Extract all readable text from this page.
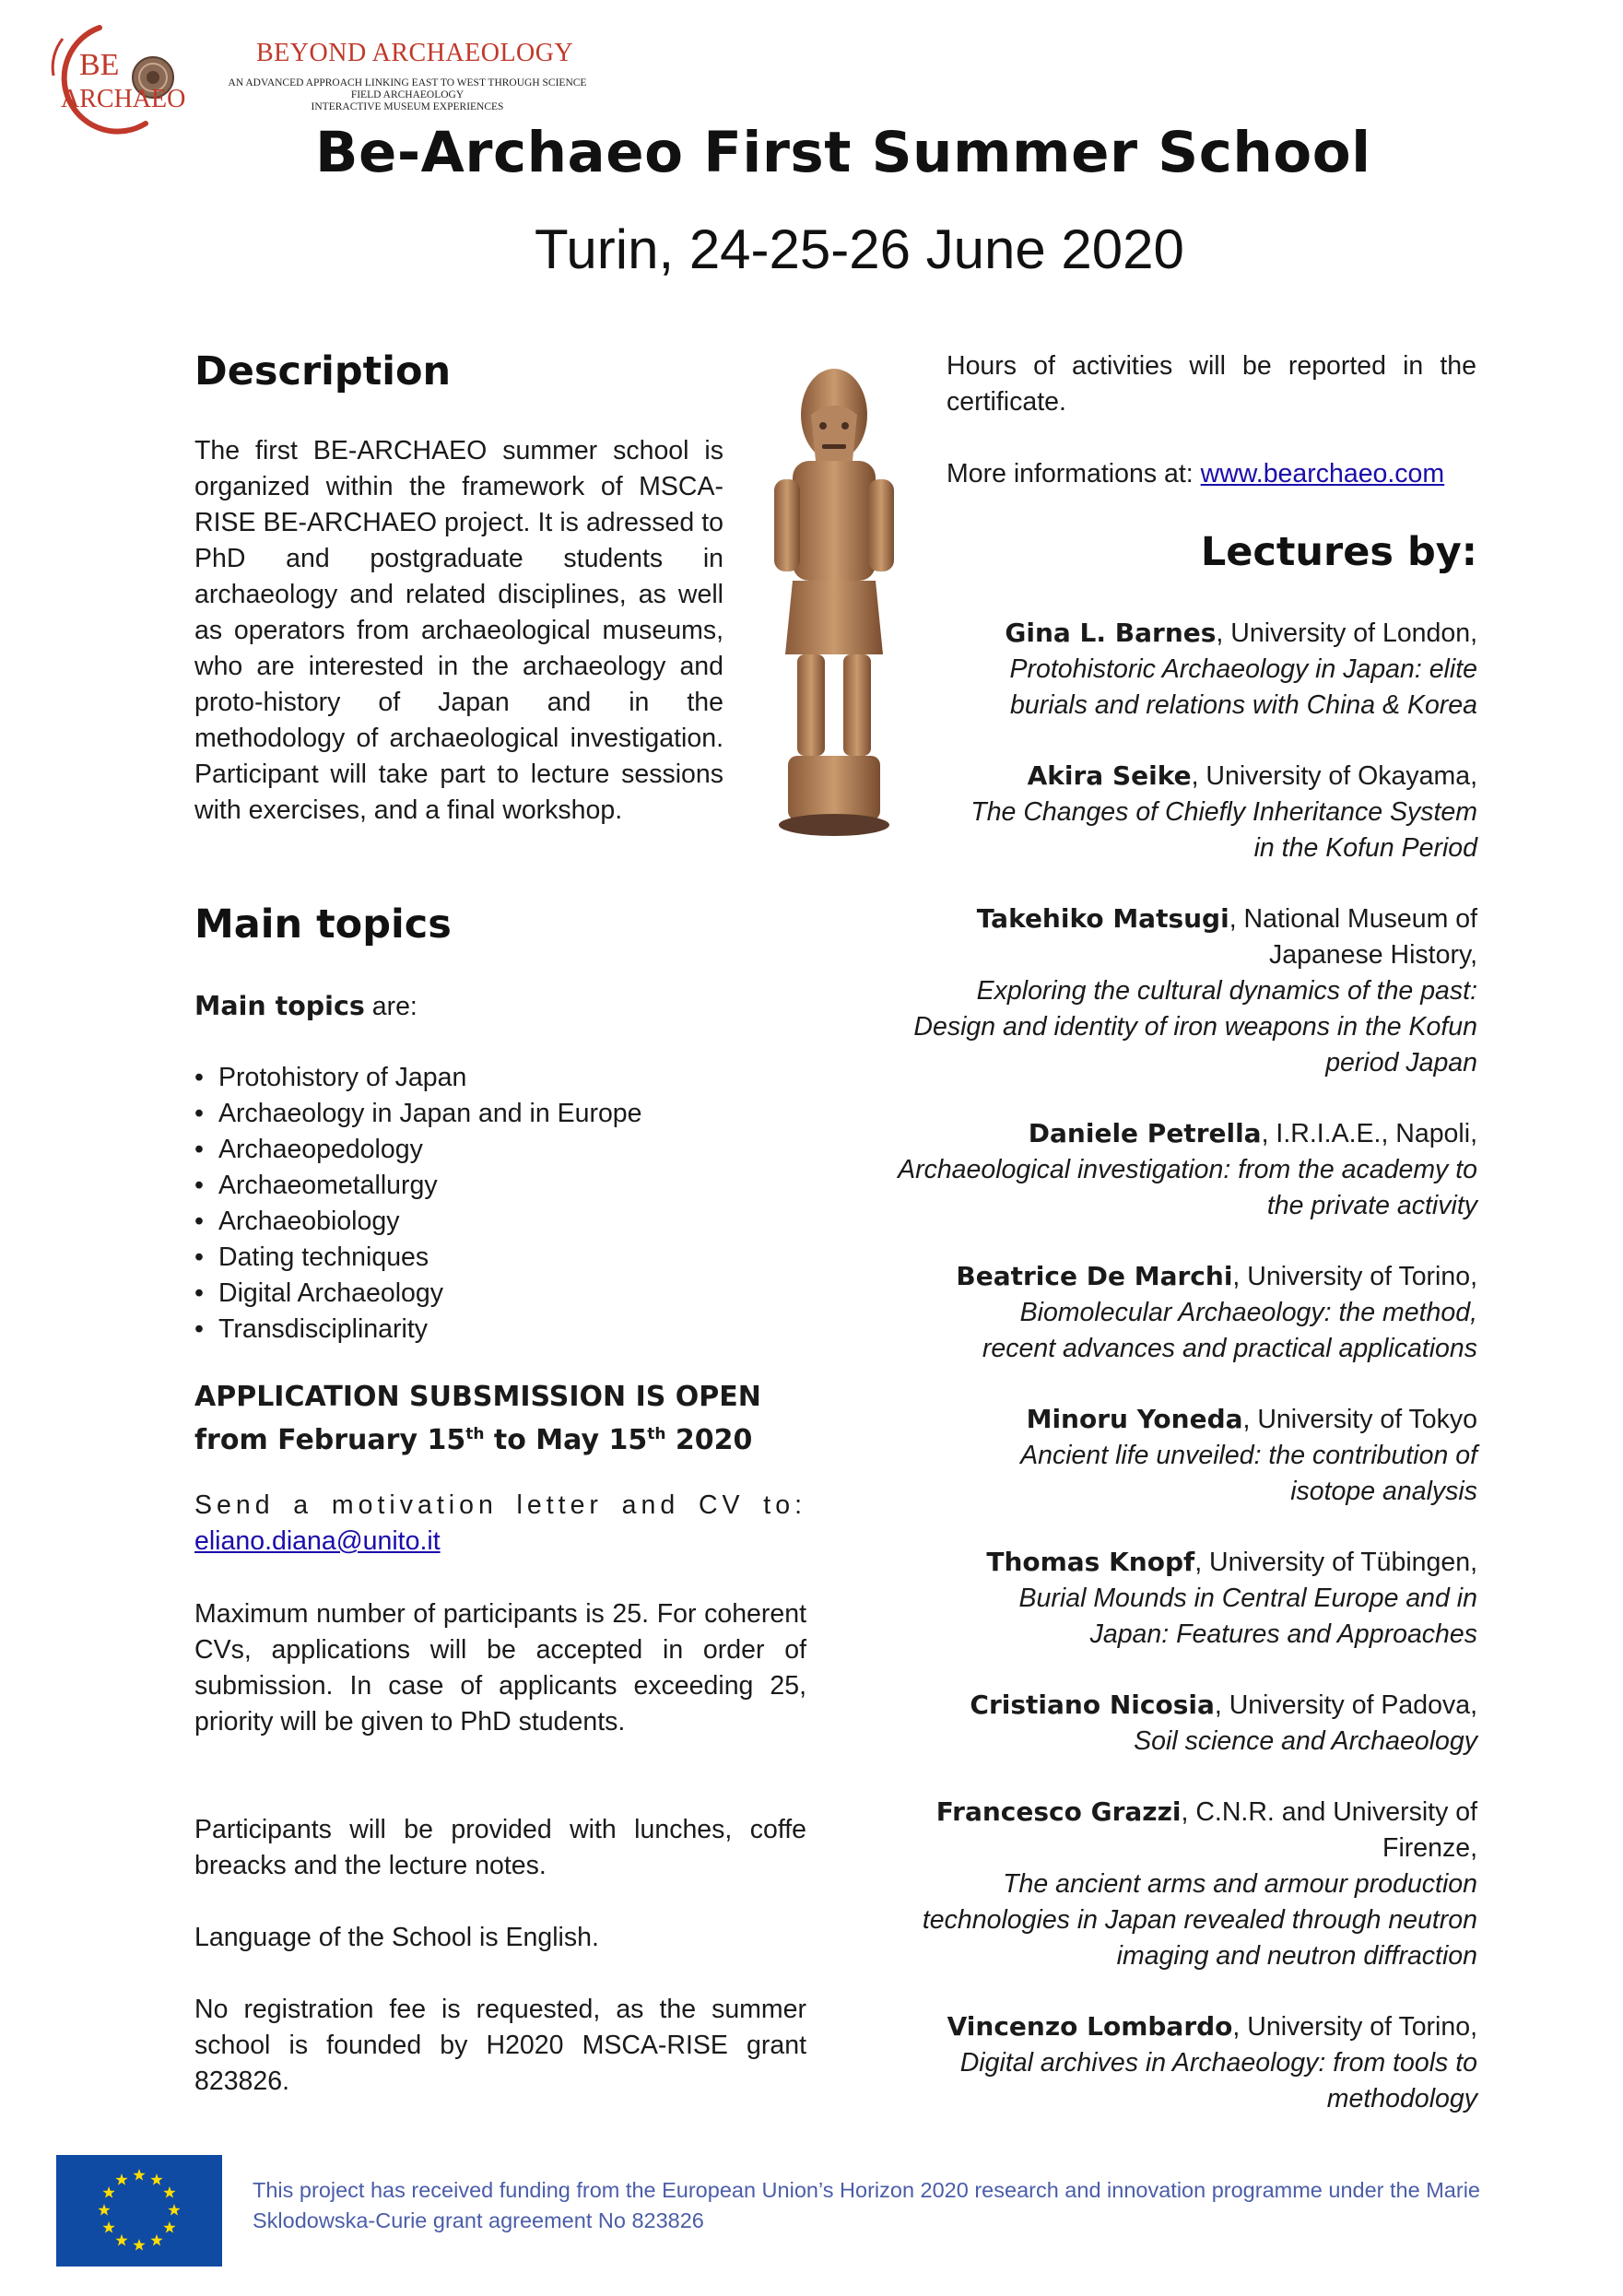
BE
ARCHAEO
BEYOND ARCHAEOLOGY
AN ADVANCED APPROACH LINKING EAST TO WEST THROUGH SCIENCE
FIELD ARCHAEOLOGY
INTERACTIVE MUSEUM EXPERIENCES
Be-Archaeo First Summer School
Turin, 24-25-26 June 2020
Description
The first BE-ARCHAEO summer school is organized within the framework of MSCA-RISE BE-ARCHAEO project. It is adressed to PhD and postgraduate students in archaeology and related disciplines, as well as operators from archaeological museums, who are interested in the archaeology and proto-history of Japan and in the methodology of archaeological investigation. Participant will take part to lecture sessions with exercises, and a final workshop.
Main topics
Main topics are:
• Protohistory of Japan
• Archaeology in Japan and in Europe
• Archaeopedology
• Archaeometallurgy
• Archaeobiology
• Dating techniques
• Digital Archaeology
• Transdisciplinarity
APPLICATION SUBSMISSION IS OPEN
from February 15th to May 15th 2020
Send a motivation letter and CV to:
eliano.diana@unito.it
Maximum number of participants is 25. For coherent CVs, applications will be accepted in order of submission. In case of applicants exceeding 25, priority will be given to PhD students.
Participants will be provided with lunches, coffe breacks and the lecture notes.
Language of the School is English.
No registration fee is requested, as the summer school is founded by H2020 MSCA-RISE grant 823826.
Hours of activities will be reported in the certificate.
More informations at: www.bearchaeo.com
Lectures by:
Gina L. Barnes, University of London,
Protohistoric Archaeology in Japan: elite burials and relations with China & Korea
Akira Seike, University of Okayama,
The Changes of Chiefly Inheritance System in the Kofun Period
Takehiko Matsugi, National Museum of Japanese History,
Exploring the cultural dynamics of the past: Design and identity of iron weapons in the Kofun period Japan
Daniele Petrella, I.R.I.A.E., Napoli,
Archaeological investigation: from the academy to the private activity
Beatrice De Marchi, University of Torino,
Biomolecular Archaeology: the method, recent advances and practical applications
Minoru Yoneda, University of Tokyo
Ancient life unveiled: the contribution of isotope analysis
Thomas Knopf, University of Tübingen,
Burial Mounds in Central Europe and in Japan: Features and Approaches
Cristiano Nicosia, University of Padova,
Soil science and Archaeology
Francesco Grazzi, C.N.R. and University of Firenze,
The ancient arms and armour production technologies in Japan revealed through neutron imaging and neutron diffraction
Vincenzo Lombardo, University of Torino,
Digital archives in Archaeology: from tools to methodology
This project has received funding from the European Union’s Horizon 2020 research and innovation programme under the Marie Sklodowska-Curie grant agreement No 823826
